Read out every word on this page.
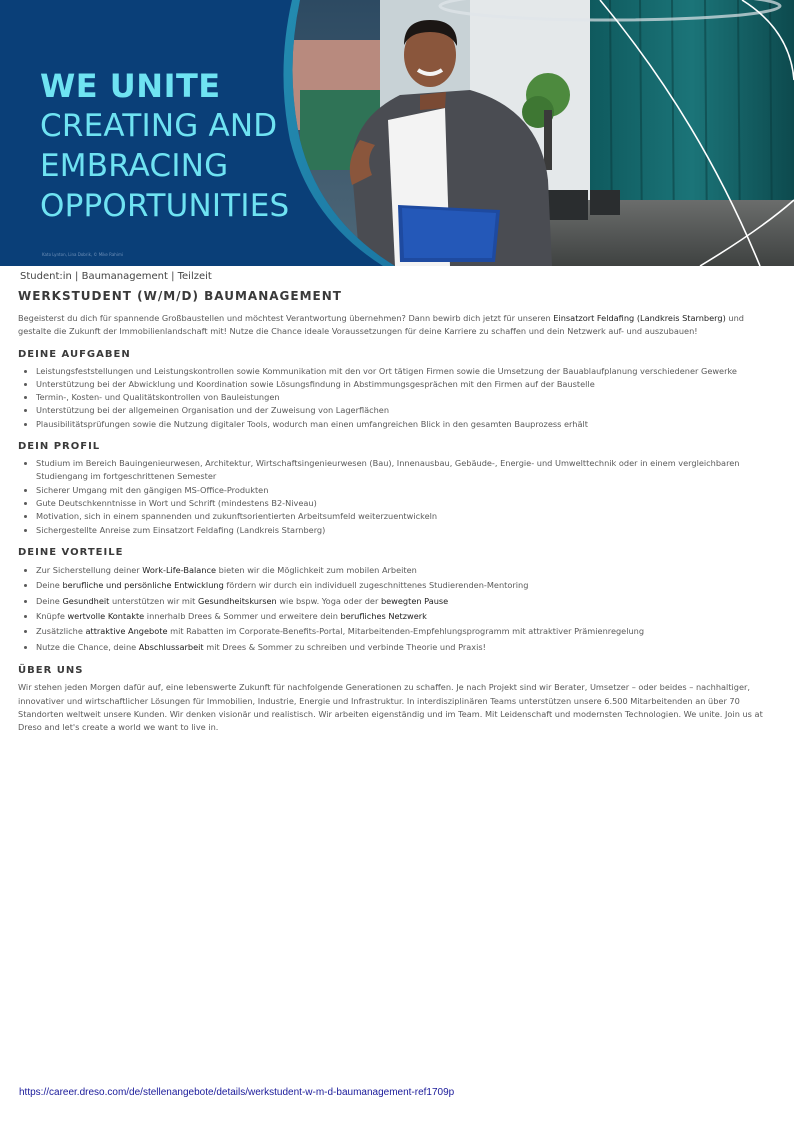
WE UNITE
CREATING AND
EMBRACING
OPPORTUNITIES
Kato Lynton, Lina Dobrik, © Mike Rahimi
Student:in | Baumanagement | Teilzeit
WERKSTUDENT (W/M/D) BAUMANAGEMENT

Begeisterst du dich für spannende Großbaustellen und möchtest Verantwortung übernehmen? Dann bewirb dich jetzt für unseren Einsatzort Feldafing (Landkreis Starnberg) und gestalte die Zukunft der Immobilienlandschaft mit! Nutze die Chance ideale Voraussetzungen für deine Karriere zu schaffen und dein Netzwerk auf- und auszubauen!

DEINE AUFGABEN
• Leistungsfeststellungen und Leistungskontrollen sowie Kommunikation mit den vor Ort tätigen Firmen sowie die Umsetzung der Bauablaufplanung verschiedener Gewerke
• Unterstützung bei der Abwicklung und Koordination sowie Lösungsfindung in Abstimmungsgesprächen mit den Firmen auf der Baustelle
• Termin-, Kosten- und Qualitätskontrollen von Bauleistungen
• Unterstützung bei der allgemeinen Organisation und der Zuweisung von Lagerflächen
• Plausibilitätsprüfungen sowie die Nutzung digitaler Tools, wodurch man einen umfangreichen Blick in den gesamten Bauprozess erhält
DEIN PROFIL
• Studium im Bereich Bauingenieurwesen, Architektur, Wirtschaftsingenieurwesen (Bau), Innenausbau, Gebäude-, Energie- und Umwelttechnik oder in einem vergleichbaren Studiengang im fortgeschrittenen Semester
• Sicherer Umgang mit den gängigen MS-Office-Produkten
• Gute Deutschkenntnisse in Wort und Schrift (mindestens B2-Niveau)
• Motivation, sich in einem spannenden und zukunftsorientierten Arbeitsumfeld weiterzuentwickeln
• Sichergestellte Anreise zum Einsatzort Feldafing (Landkreis Starnberg)
DEINE VORTEILE
• Zur Sicherstellung deiner Work-Life-Balance bieten wir die Möglichkeit zum mobilen Arbeiten
• Deine berufliche und persönliche Entwicklung fördern wir durch ein individuell zugeschnittenes Studierenden-Mentoring
• Deine Gesundheit unterstützen wir mit Gesundheitskursen wie bspw. Yoga oder der bewegten Pause
• Knüpfe wertvolle Kontakte innerhalb Drees & Sommer und erweitere dein berufliches Netzwerk
• Zusätzliche attraktive Angebote mit Rabatten im Corporate-Benefits-Portal, Mitarbeitenden-Empfehlungsprogramm mit attraktiver Prämienregelung
• Nutze die Chance, deine Abschlussarbeit mit Drees & Sommer zu schreiben und verbinde Theorie und Praxis!
ÜBER UNS

Wir stehen jeden Morgen dafür auf, eine lebenswerte Zukunft für nachfolgende Generationen zu schaffen. Je nach Projekt sind wir Berater, Umsetzer – oder beides – nachhaltiger, innovativer und wirtschaftlicher Lösungen für Immobilien, Industrie, Energie und Infrastruktur. In interdisziplinären Teams unterstützen unsere 6.500 Mitarbeitenden an über 70 Standorten weltweit unsere Kunden. Wir denken visionär und realistisch. Wir arbeiten eigenständig und im Team. Mit Leidenschaft und modernsten Technologien. We unite. Join us at Dreso and let's create a world we want to live in.

https://career.dreso.com/de/stellenangebote/details/werkstudent-w-m-d-baumanagement-ref1709p
